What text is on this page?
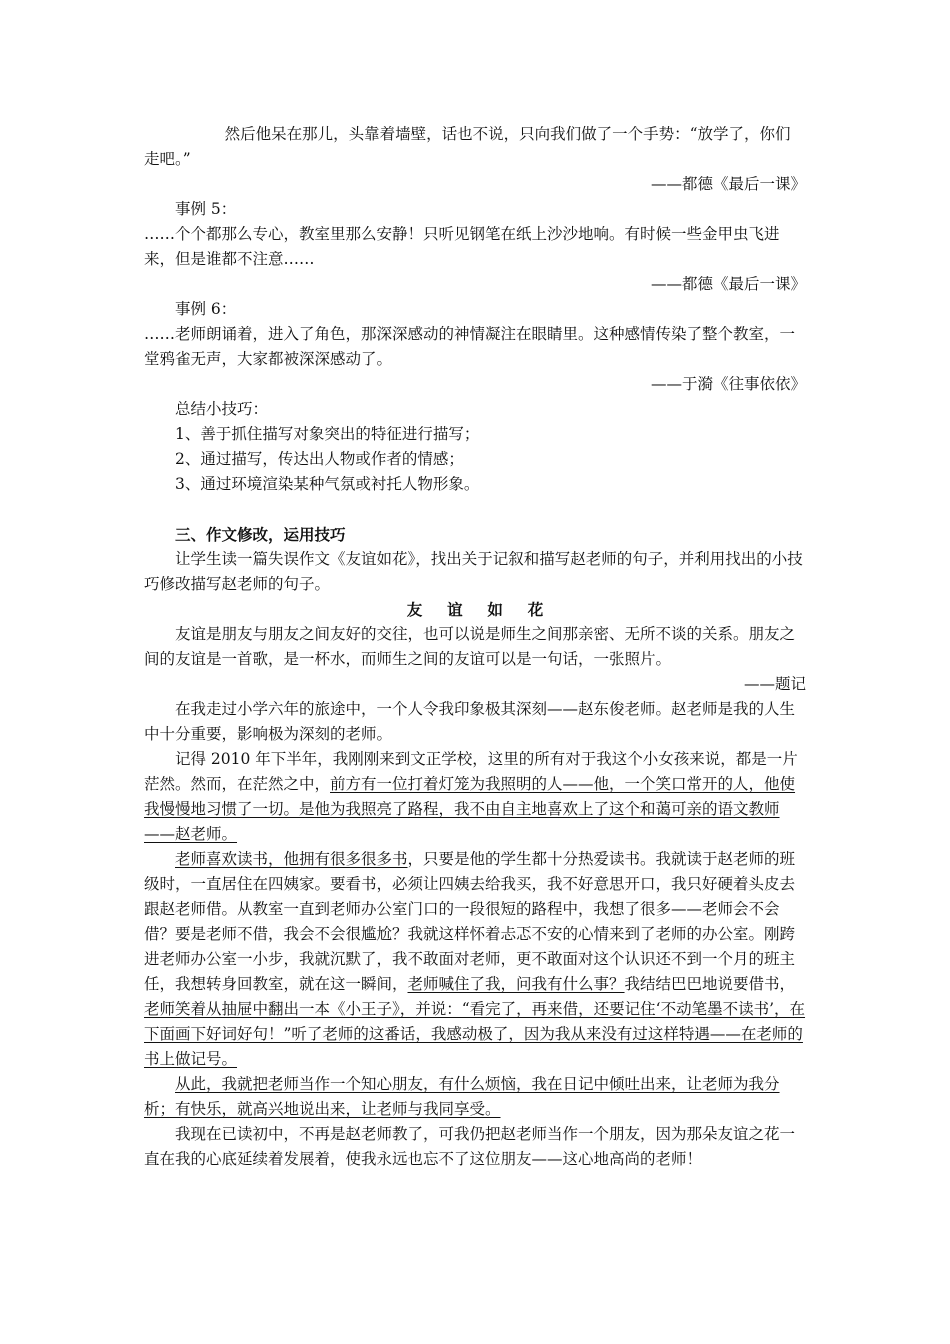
然后他呆在那儿，头靠着墙壁，话也不说，只向我们做了一个手势：“放学了，你们走吧。”

——都德《最后一课》

事例 5：

……个个都那么专心，教室里那么安静！只听见钢笔在纸上沙沙地响。有时候一些金甲虫飞进来，但是谁都不注意……

——都德《最后一课》

事例 6：

……老师朗诵着，进入了角色，那深深感动的神情凝注在眼睛里。这种感情传染了整个教室，一堂鸦雀无声，大家都被深深感动了。

——于漪《往事依依》

总结小技巧：

1、善于抓住描写对象突出的特征进行描写；

2、通过描写，传达出人物或作者的情感；

3、通过环境渲染某种气氛或衬托人物形象。

三、作文修改，运用技巧

让学生读一篇失误作文《友谊如花》，找出关于记叙和描写赵老师的句子，并利用找出的小技巧修改描写赵老师的句子。

友谊如花

友谊是朋友与朋友之间友好的交往，也可以说是师生之间那亲密、无所不谈的关系。朋友之间的友谊是一首歌，是一杯水，而师生之间的友谊可以是一句话，一张照片。

——题记

在我走过小学六年的旅途中，一个人令我印象极其深刻——赵东俊老师。赵老师是我的人生中十分重要，影响极为深刻的老师。

记得 2010 年下半年，我刚刚来到文正学校，这里的所有对于我这个小女孩来说，都是一片茫然。然而，在茫然之中，前方有一位打着灯笼为我照明的人——他，一个笑口常开的人，他使我慢慢地习惯了一切。是他为我照亮了路程，我不由自主地喜欢上了这个和蔼可亲的语文教师——赵老师。

老师喜欢读书，他拥有很多很多书，只要是他的学生都十分热爱读书。我就读于赵老师的班级时，一直居住在四姨家。要看书，必须让四姨去给我买，我不好意思开口，我只好硬着头皮去跟赵老师借。从教室一直到老师办公室门口的一段很短的路程中，我想了很多——老师会不会借？要是老师不借，我会不会很尴尬？我就这样怀着忐忑不安的心情来到了老师的办公室。刚跨进老师办公室一小步，我就沉默了，我不敢面对老师，更不敢面对这个认识还不到一个月的班主任，我想转身回教室，就在这一瞬间，老师喊住了我，问我有什么事？我结结巴巴地说要借书，老师笑着从抽屉中翻出一本《小王子》，并说：“看完了，再来借，还要记住‘不动笔墨不读书’，在下面画下好词好句！”听了老师的这番话，我感动极了，因为我从来没有过这样特遇——在老师的书上做记号。

从此，我就把老师当作一个知心朋友，有什么烦恼，我在日记中倾吐出来，让老师为我分析；有快乐，就高兴地说出来，让老师与我同享受。

我现在已读初中，不再是赵老师教了，可我仍把赵老师当作一个朋友，因为那朵友谊之花一直在我的心底延续着发展着，使我永远也忘不了这位朋友——这心地高尚的老师！
